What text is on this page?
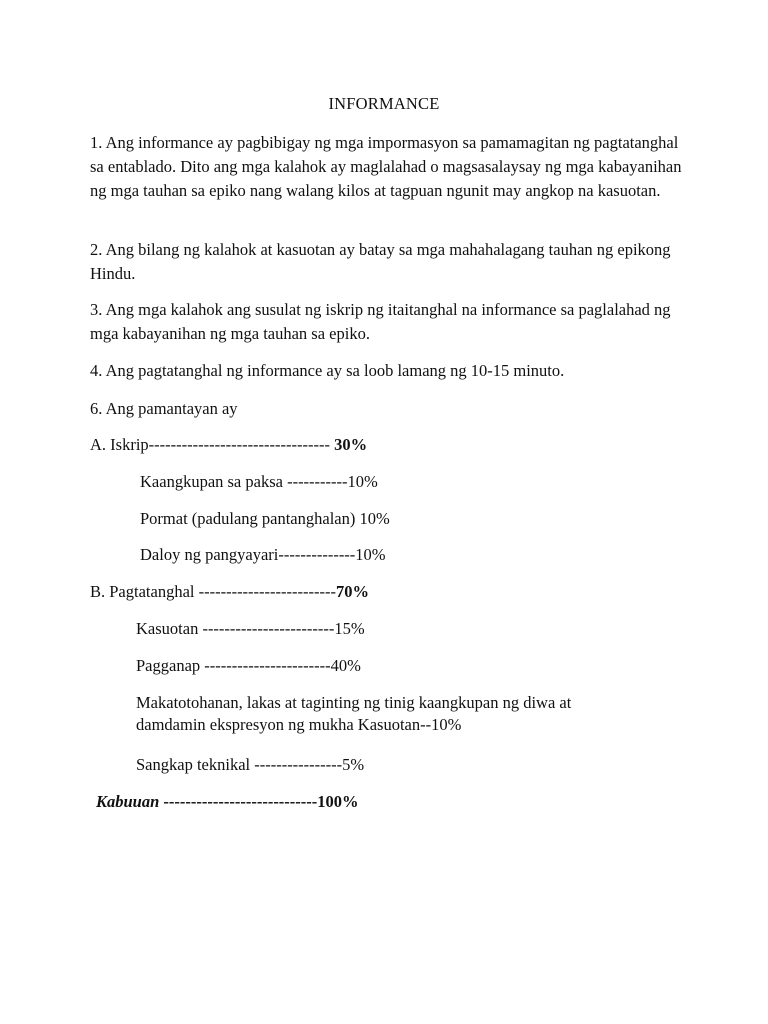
INFORMANCE

1. Ang informance ay pagbibigay ng mga impormasyon sa pamamagitan ng pagtatanghal sa entablado. Dito ang mga kalahok ay maglalahad o magsasalaysay ng mga kabayanihan ng mga tauhan sa epiko nang walang kilos at tagpuan ngunit may angkop na kasuotan.

2. Ang bilang ng kalahok at kasuotan ay batay sa mga mahahalagang tauhan ng epikong Hindu.

3. Ang mga kalahok ang susulat ng iskrip ng itaitanghal na informance sa paglalahad ng mga kabayanihan ng mga tauhan sa epiko.

4. Ang pagtatanghal ng informance ay sa loob lamang ng 10-15 minuto.

6. Ang pamantayan ay

A. Iskrip--------------------------------- 30%
Kaangkupan sa paksa -----------10%
Pormat (padulang pantanghalan) 10%
Daloy ng pangyayari--------------10%
B. Pagtatanghal -------------------------70%
Kasuotan ------------------------15%
Pagganap -----------------------40%
Makatotohanan, lakas at taginting ng tinig kaangkupan ng diwa at
damdamin ekspresyon ng mukha Kasuotan--10%
Sangkap teknikal ----------------5%
Kabuuan ----------------------------100%
